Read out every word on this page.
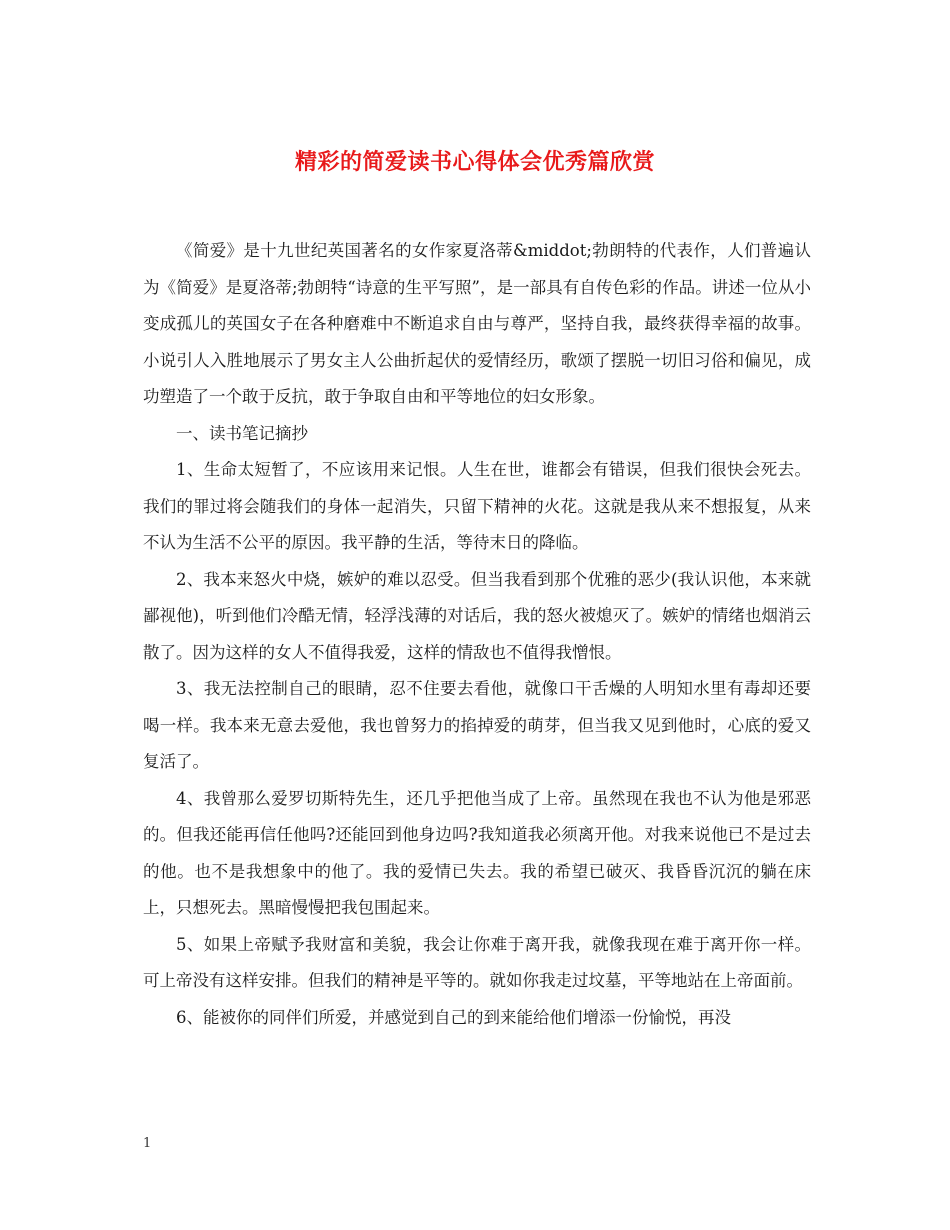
精彩的简爱读书心得体会优秀篇欣赏

《简爱》是十九世纪英国著名的女作家夏洛蒂&middot;勃朗特的代表作，人们普遍认为《简爱》是夏洛蒂;勃朗特“诗意的生平写照”，是一部具有自传色彩的作品。讲述一位从小变成孤儿的英国女子在各种磨难中不断追求自由与尊严，坚持自我，最终获得幸福的故事。小说引人入胜地展示了男女主人公曲折起伏的爱情经历，歌颂了摆脱一切旧习俗和偏见，成功塑造了一个敢于反抗，敢于争取自由和平等地位的妇女形象。

一、读书笔记摘抄

1、生命太短暂了，不应该用来记恨。人生在世，谁都会有错误，但我们很快会死去。我们的罪过将会随我们的身体一起消失，只留下精神的火花。这就是我从来不想报复，从来不认为生活不公平的原因。我平静的生活，等待末日的降临。

2、我本来怒火中烧，嫉妒的难以忍受。但当我看到那个优雅的恶少(我认识他，本来就鄙视他)，听到他们冷酷无情，轻浮浅薄的对话后，我的怒火被熄灭了。嫉妒的情绪也烟消云散了。因为这样的女人不值得我爱，这样的情敌也不值得我憎恨。

3、我无法控制自己的眼睛，忍不住要去看他，就像口干舌燥的人明知水里有毒却还要喝一样。我本来无意去爱他，我也曾努力的掐掉爱的萌芽，但当我又见到他时，心底的爱又复活了。

4、我曾那么爱罗切斯特先生，还几乎把他当成了上帝。虽然现在我也不认为他是邪恶的。但我还能再信任他吗?还能回到他身边吗?我知道我必须离开他。对我来说他已不是过去的他。也不是我想象中的他了。我的爱情已失去。我的希望已破灭、我昏昏沉沉的躺在床上，只想死去。黑暗慢慢把我包围起来。

5、如果上帝赋予我财富和美貌，我会让你难于离开我，就像我现在难于离开你一样。可上帝没有这样安排。但我们的精神是平等的。就如你我走过坟墓，平等地站在上帝面前。

6、能被你的同伴们所爱，并感觉到自己的到来能给他们增添一份愉悦，再没

1
